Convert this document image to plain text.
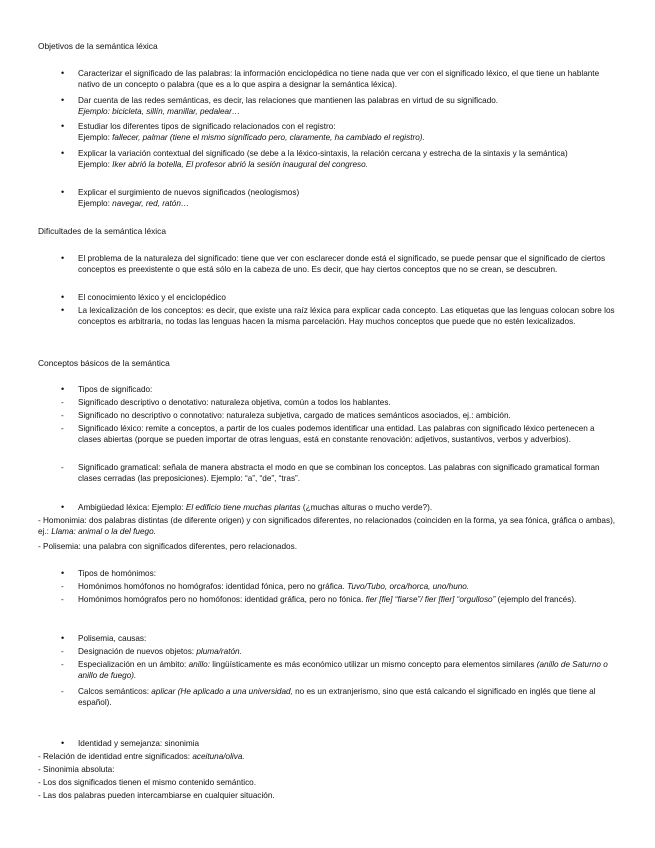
Objetivos de la semántica léxica
• Caracterizar el significado de las palabras: la información enciclopédica no tiene nada que ver con el significado léxico, el que tiene un hablante nativo de un concepto o palabra (que es a lo que aspira a designar la semántica léxica).
• Dar cuenta de las redes semánticas, es decir, las relaciones que mantienen las palabras en virtud de su significado.
Ejemplo: bicicleta, sillín, manillar, pedalear…
• Estudiar los diferentes tipos de significado relacionados con el registro:
Ejemplo: fallecer, palmar (tiene el mismo significado pero, claramente, ha cambiado el registro).
• Explicar la variación contextual del significado (se debe a la léxico-sintaxis, la relación cercana y estrecha de la sintaxis y la semántica)
Ejemplo: Iker abrió la botella, El profesor abrió la sesión inaugural del congreso.
• Explicar el surgimiento de nuevos significados (neologismos)
Ejemplo: navegar, red, ratón…
Dificultades de la semántica léxica
• El problema de la naturaleza del significado: tiene que ver con esclarecer donde está el significado, se puede pensar que el significado de ciertos conceptos es preexistente o que está sólo en la cabeza de uno. Es decir, que hay ciertos conceptos que no se crean, se descubren.
• El conocimiento léxico y el enciclopédico
• La lexicalización de los conceptos: es decir, que existe una raíz léxica para explicar cada concepto. Las etiquetas que las lenguas colocan sobre los conceptos es arbitraria, no todas las lenguas hacen la misma parcelación. Hay muchos conceptos que puede que no estén lexicalizados.
Conceptos básicos de la semántica
• Tipos de significado:
- Significado descriptivo o denotativo: naturaleza objetiva, común a todos los hablantes.
- Significado no descriptivo o connotativo: naturaleza subjetiva, cargado de matices semánticos asociados, ej.: ambición.
- Significado léxico: remite a conceptos, a partir de los cuales podemos identificar una entidad. Las palabras con significado léxico pertenecen a clases abiertas (porque se pueden importar de otras lenguas, está en constante renovación: adjetivos, sustantivos, verbos y adverbios).
- Significado gramatical: señala de manera abstracta el modo en que se combinan los conceptos. Las palabras con significado gramatical forman clases cerradas (las preposiciones). Ejemplo: “a”, “de”, “tras”.
• Ambigüedad léxica: Ejemplo: El edificio tiene muchas plantas (¿muchas alturas o mucho verde?).
- Homonimia: dos palabras distintas (de diferente origen) y con significados diferentes, no relacionados (coinciden en la forma, ya sea fónica, gráfica o ambas), ej.: Llama: animal o la del fuego.
- Polisemia: una palabra con significados diferentes, pero relacionados.
• Tipos de homónimos:
- Homónimos homófonos no homógrafos: identidad fónica, pero no gráfica. Tuvo/Tubo, orca/horca, uno/huno.
- Homónimos homógrafos pero no homófonos: identidad gráfica, pero no fónica. fier [fie] “fiarse”/ fier [fier] “orgulloso” (ejemplo del francés).
• Polisemia, causas:
- Designación de nuevos objetos: pluma/ratón.
- Especialización en un ámbito: anillo: lingüísticamente es más económico utilizar un mismo concepto para elementos similares (anillo de Saturno o anillo de fuego).
- Calcos semánticos: aplicar (He aplicado a una universidad, no es un extranjerismo, sino que está calcando el significado en inglés que tiene al español).
• Identidad y semejanza: sinonimia
- Relación de identidad entre significados: aceituna/oliva.
- Sinonimia absoluta:
- Los dos significados tienen el mismo contenido semántico.
- Las dos palabras pueden intercambiarse en cualquier situación.
